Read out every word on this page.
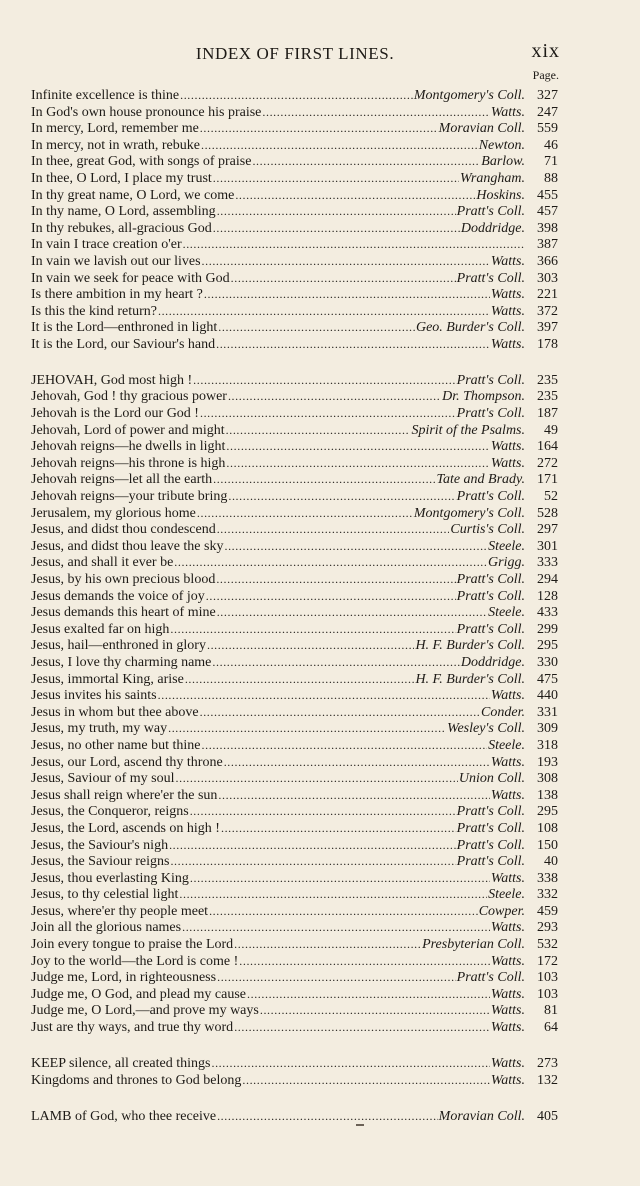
INDEX OF FIRST LINES.	xix
Page.
Infinite excellence is thine . . .	Montgomery's Coll. 327
In God's own house pronounce his praise . . .	Watts. 247
In mercy, Lord, remember me . . .	Moravian Coll. 559
In mercy, not in wrath, rebuke . . .	Newton.	46
In thee, great God, with songs of praise . . .	Barlow.	71
In thee, O Lord, I place my trust . . .	Wrangham.	88
In thy great name, O Lord, we come . . .	Hoskins. 455
In thy name, O Lord, assembling . . .	Pratt's Coll. 457
In thy rebukes, all-gracious God . . .	Doddridge. 398
In vain I trace creation o'er . . .	387
In vain we lavish out our lives . . .	Watts. 366
In vain we seek for peace with God . . .	Pratt's Coll. 303
Is there ambition in my heart ? . . .	Watts. 221
Is this the kind return? . . .	Watts. 372
It is the Lord—enthroned in light . . .	Geo. Burder's Coll. 397
It is the Lord, our Saviour's hand . . .	Watts. 178
JEHOVAH, God most high ! . . .	Pratt's Coll. 235
Jehovah, God ! thy gracious power . . .	Dr. Thompson. 235
Jehovah is the Lord our God ! . . .	Pratt's Coll. 187
Jehovah, Lord of power and might . . .	Spirit of the Psalms.	49
Jehovah reigns—he dwells in light . . .	Watts. 164
Jehovah reigns—his throne is high . . .	Watts. 272
Jehovah reigns—let all the earth . . .	Tate and Brady. 171
Jehovah reigns—your tribute bring . . .	Pratt's Coll.	52
Jerusalem, my glorious home . . .	Montgomery's Coll. 528
Jesus, and didst thou condescend . . .	Curtis's Coll. 297
Jesus, and didst thou leave the sky . . .	Steele. 301
Jesus, and shall it ever be . . .	Grigg. 333
Jesus, by his own precious blood . . .	Pratt's Coll. 294
Jesus demands the voice of joy . . .	Pratt's Coll. 128
Jesus demands this heart of mine . . .	Steele. 433
Jesus exalted far on high . . .	Pratt's Coll. 299
Jesus, hail—enthroned in glory . . .	H. F. Burder's Coll. 295
Jesus, I love thy charming name . . .	Doddridge. 330
Jesus, immortal King, arise . . .	H. F. Burder's Coll. 475
Jesus invites his saints . . .	Watts. 440
Jesus in whom but thee above . . .	Conder. 331
Jesus, my truth, my way . . .	Wesley's Coll. 309
Jesus, no other name but thine . . .	Steele. 318
Jesus, our Lord, ascend thy throne . . .	Watts. 193
Jesus, Saviour of my soul . . .	Union Coll. 308
Jesus shall reign where'er the sun . . .	Watts. 138
Jesus, the Conqueror, reigns . . .	Pratt's Coll. 295
Jesus, the Lord, ascends on high ! . . .	Pratt's Coll. 108
Jesus, the Saviour's nigh . . .	Pratt's Coll. 150
Jesus, the Saviour reigns . . .	Pratt's Coll.	40
Jesus, thou everlasting King . . .	Watts. 338
Jesus, to thy celestial light . . .	Steele. 332
Jesus, where'er thy people meet . . .	Cowper. 459
Join all the glorious names . . .	Watts. 293
Join every tongue to praise the Lord . . .	Presbyterian Coll. 532
Joy to the world—the Lord is come ! . . .	Watts. 172
Judge me, Lord, in righteousness . . .	Pratt's Coll. 103
Judge me, O God, and plead my cause . . .	Watts. 103
Judge me, O Lord,—and prove my ways . . .	Watts.	81
Just are thy ways, and true thy word . . .	Watts.	64
KEEP silence, all created things . . .	Watts. 273
Kingdoms and thrones to God belong . . .	Watts. 132
LAMB of God, who thee receive . . .	Moravian Coll. 405
